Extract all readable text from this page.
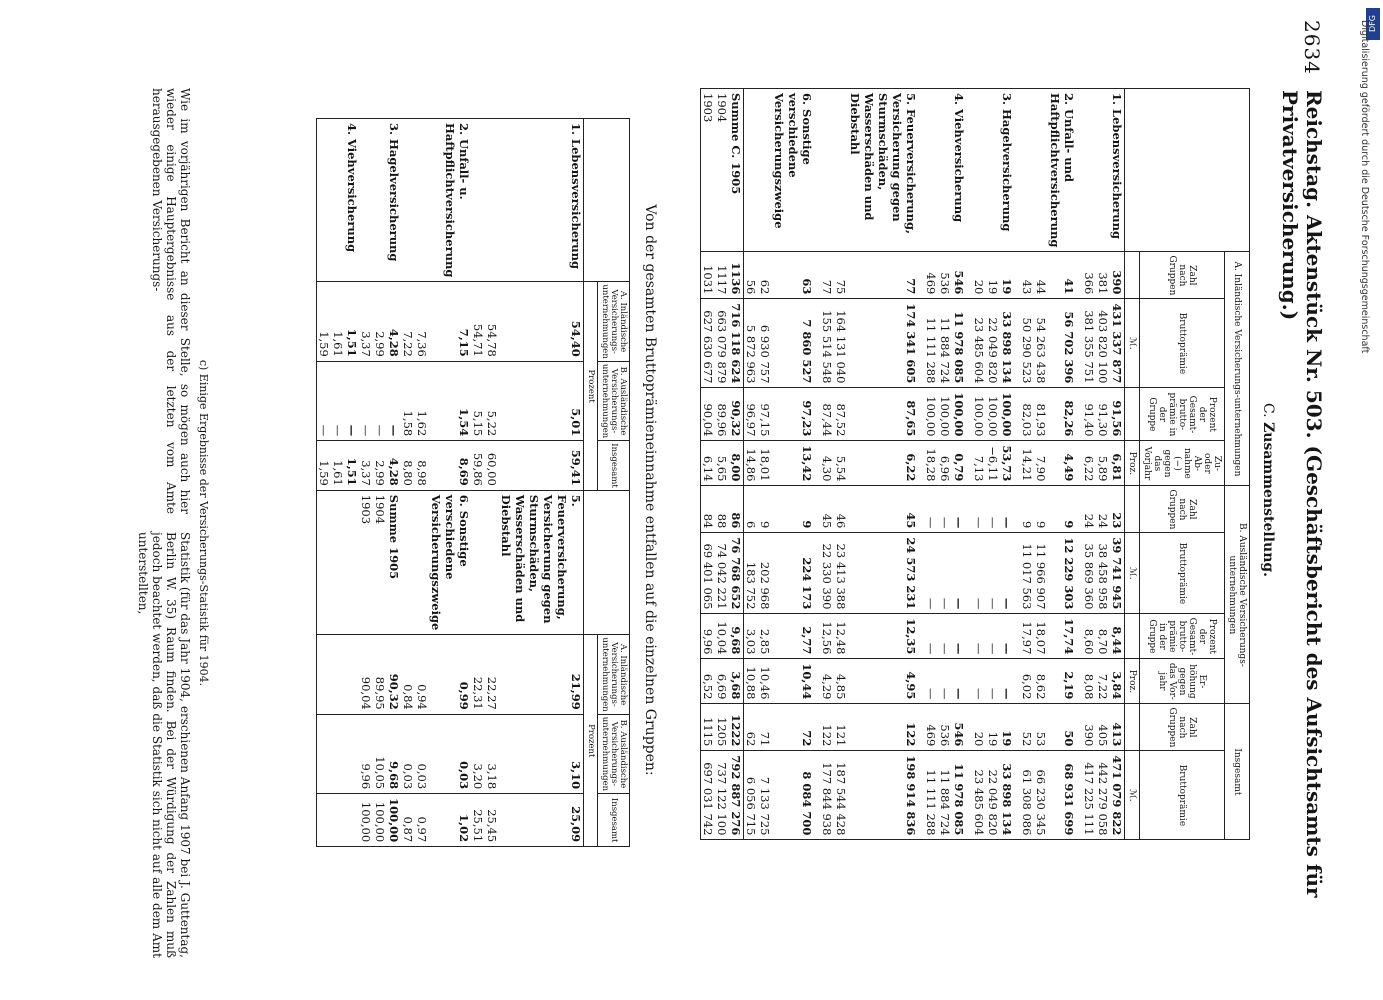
DFG
Digitalisierung gefördert durch die Deutsche Forschungsgemeinschaft
2634
Reichstag. Aktenstück Nr. 503. (Geschäftsbericht des Aufsichtsamts für Privatversicherung.)
C. Zusammenstellung.
	A. Inländische Versicherungs-unternehmungen				B. Ausländische Versicherungs-unternehmungen				Insgesamt	
	Zahl nach Gruppen	Bruttoprämie	Prozent der Gesamt-brutto-prämie in der Gruppe	Zu- oder Ab-nahme (−) gegen das Vorjahr	Zahl nach Gruppen	Bruttoprämie	Prozent der Gesamt-brutto-prämie in der Gruppe	Er-höhung gegen das Vor-jahr	Zahl nach Gruppen	Bruttoprämie
		ℳ.		Proz.		ℳ.		Proz.		ℳ.
1. Lebensversicherung	390	431 337 877	91,56	6,81	23	39 741 945	8,44	3,84	413	471 079 822
	381	403 820 100	91,30	5,89	24	38 458 958	8,70	7,22	405	442 279 058
	366	381 355 751	91,40	6,22	24	35 869 360	8,60	8,08	390	417 225 111

2. Unfall- und Haftpflichtversicherung	41	56 702 396	82,26	4,49	9	12 229 303	17,74	2,19	50	68 931 699
	44	54 263 438	81,93	7,90	9	11 966 907	18,07	8,62	53	66 230 345
	43	50 290 523	82,03	14,21	9	11 017 563	17,97	6,02	52	61 308 086

3. Hagelversicherung	19	33 898 134	100,00	53,73	—	—	—	—	19	33 898 134
	19	22 049 820	100,00	−6,11	—	—	—	—	19	22 049 820
	20	23 485 604	100,00	7,13	—	—	—	—	20	23 485 604

4. Viehversicherung	546	11 978 085	100,00	0,79	—	—	—	—	546	11 978 085
	536	11 884 724	100,00	6,96	—	—	—	—	536	11 884 724
	469	11 111 288	100,00	18,28	—	—	—	—	469	11 111 288

5. Feuerversicherung, Versicherung gegen Sturmschäden, Wasserschäden und Diebstahl	77	174 341 605	87,65	6,22	45	24 573 231	12,35	4,95	122	198 914 836
	75	164 131 040	87,52	5,54	46	23 413 388	12,48	4,85	121	187 544 428
	77	155 514 548	87,44	4,30	45	22 330 390	12,56	4,29	122	177 844 938

6. Sonstige verschiedene Versicherungszweige	63	7 860 527	97,23	13,42	9	224 173	2,77	10,44	72	8 084 700
	62	6 930 757	97,15	18,01	9	202 968	2,85	10,46	71	7 133 725
	56	5 872 963	96,97	14,86	6	183 752	3,03	10,88	62	6 056 715
Summe C. 1905	1136	716 118 624	90,32	8,00	86	76 768 652	9,68	3,68	1222	792 887 276
1904	1117	663 079 879	89,96	5,65	88	74 042 221	10,04	6,69	1205	737 122 100
1903	1031	627 630 677	90,04	6,14	84	69 401 065	9,96	6,52	1115	697 031 742
Von der gesamten Bruttoprämieneinnahme entfallen auf die einzelnen Gruppen:
	A. Inländische Versicherungs-unternehmungen	B. Ausländische Versicherungs-unternehmungen	Insgesamt		A. Inländische Versicherungs-unternehmungen	B. Ausländische Versicherungs-unternehmungen	Insgesamt
	Prozent				Prozent		
1. Lebensversicherung	54,40	5,01	59,41	5. Feuerversicherung, Versicherung gegen Sturmschäden, Wasserschäden und Diebstahl	21,99	3,10	25,09
	54,78	5,22	60,00		22,27	3,18	25,45
	54,71	5,15	59,86		22,31	3,20	25,51
2. Unfall- u. Haftpflichtversicherung	7,15	1,54	8,69	6. Sonstige verschiedene Versicherungszweige	0,99	0,03	1,02
	7,36	1,62	8,98		0,94	0,03	0,97
	7,22	1,58	8,80		0,84	0,03	0,87
3. Hagelversicherung	4,28	—	4,28	Summe 1905	90,32	9,68	100,00
	2,99	—	2,99	1904	89,95	10,05	100,00
	3,37	—	3,37	1903	90,04	9,96	100,00
4. Viehversicherung	1,51	—	1,51				
	1,61	—	1,61				
	1,59	—	1,59				
c) Einige Ergebnisse der Versicherungs-Statistik für 1904.
Wie im vorjährigen Bericht an dieser Stelle, so mögen auch hier wieder einige Hauptergebnisse aus der letzten vom Amte herausgegebenen Versicherungs-
Statistik (für das Jahr 1904, erschienen Anfang 1907 bei J. Guttentag, Berlin W. 35) Raum finden. Bei der Würdigung der Zahlen muß jedoch beachtet werden, daß die Statistik sich nicht auf alle dem Amt unterstellten,
